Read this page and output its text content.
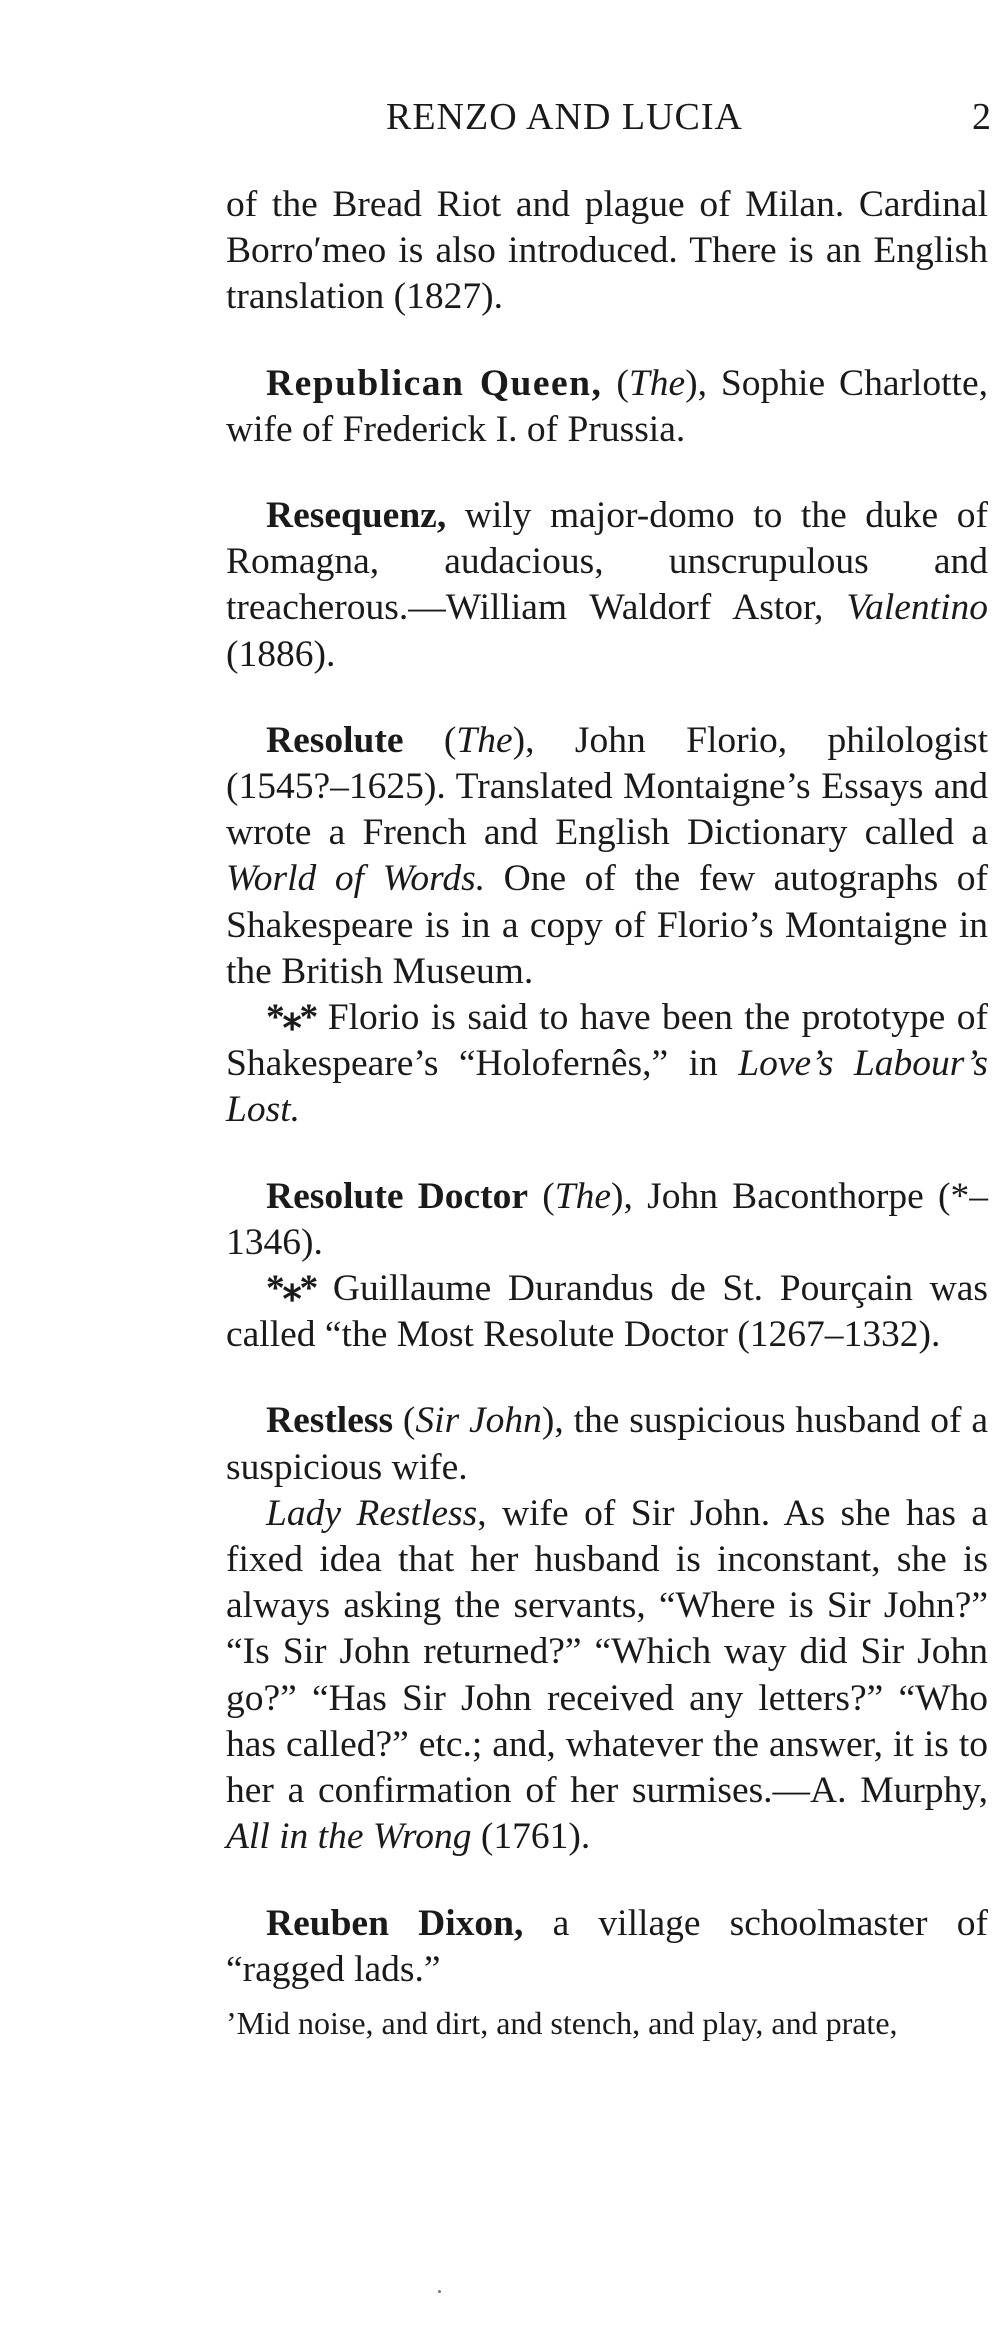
RENZO AND LUCIA	2

of the Bread Riot and plague of Milan. Cardinal Borro′meo is also introduced. There is an English translation (1827).

Republican Queen, (The), Sophie Charlotte, wife of Frederick I. of Prussia.

Resequenz, wily major-domo to the duke of Romagna, audacious, unscrupulous and treacherous.—William Waldorf Astor, Valentino (1886).

Resolute (The), John Florio, philologist (1545?–1625). Translated Montaigne’s Essays and wrote a French and English Dictionary called a World of Words. One of the few autographs of Shakespeare is in a copy of Florio’s Montaigne in the British Museum.

*⁎* Florio is said to have been the prototype of Shakespeare’s “Holofernês,” in Love’s Labour’s Lost.

Resolute Doctor (The), John Baconthorpe (*–1346).

*⁎* Guillaume Durandus de St. Pourçain was called “the Most Resolute Doctor (1267–1332).

Restless (Sir John), the suspicious husband of a suspicious wife.

Lady Restless, wife of Sir John. As she has a fixed idea that her husband is inconstant, she is always asking the servants, “Where is Sir John?” “Is Sir John returned?” “Which way did Sir John go?” “Has Sir John received any letters?” “Who has called?” etc.; and, whatever the answer, it is to her a confirmation of her surmises.—A. Murphy, All in the Wrong (1761).

Reuben Dixon, a village schoolmaster of “ragged lads.”

’Mid noise, and dirt, and stench, and play, and prate,
